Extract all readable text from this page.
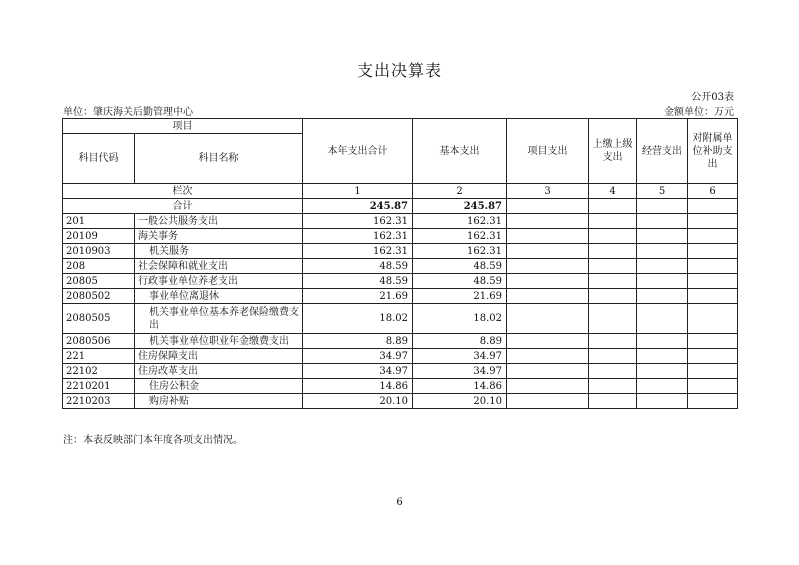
支出决算表
公开03表
单位：肇庆海关后勤管理中心	金额单位：万元
项目		本年支出合计	基本支出	项目支出	上缴上级支出	经营支出	对附属单位补助支出
科目代码	科目名称						
栏次		1	2	3	4	5	6
合计		245.87	245.87				
201	一般公共服务支出	162.31	162.31				
20109	海关事务	162.31	162.31				
2010903	机关服务	162.31	162.31				
208	社会保障和就业支出	48.59	48.59				
20805	行政事业单位养老支出	48.59	48.59				
2080502	事业单位离退休	21.69	21.69				
2080505	机关事业单位基本养老保险缴费支出	18.02	18.02				
2080506	机关事业单位职业年金缴费支出	8.89	8.89				
221	住房保障支出	34.97	34.97				
22102	住房改革支出	34.97	34.97				
2210201	住房公积金	14.86	14.86				
2210203	购房补贴	20.10	20.10				
注：本表反映部门本年度各项支出情况。
6
